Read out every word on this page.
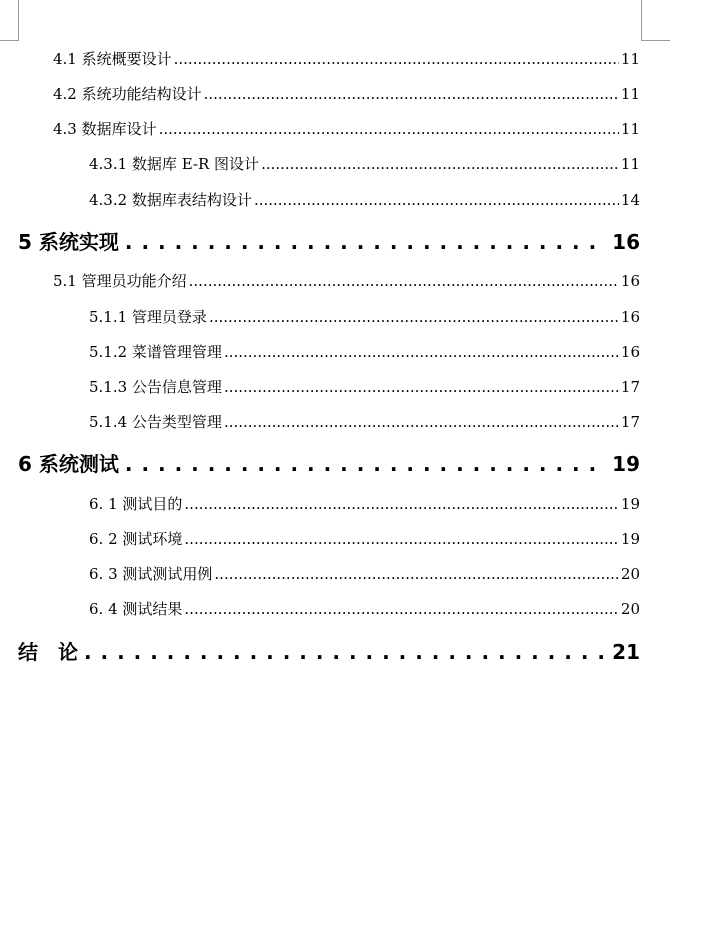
4.1 系统概要设计 .....	11
4.2 系统功能结构设计 .....	11
4.3 数据库设计 .....	11
4.3.1 数据库 E-R 图设计 .....	11
4.3.2 数据库表结构设计 .....	14
5 系统实现 . . .	16
5.1 管理员功能介绍 .....	16
5.1.1 管理员登录 .....	16
5.1.2 菜谱管理管理 .....	16
5.1.3 公告信息管理 .....	17
5.1.4 公告类型管理 .....	17
6 系统测试 . . .	19
6. 1 测试目的 .....	19
6. 2 测试环境 .....	19
6. 3 测试测试用例 .....	20
6. 4 测试结果 .....	20
结　论 . . .	21
